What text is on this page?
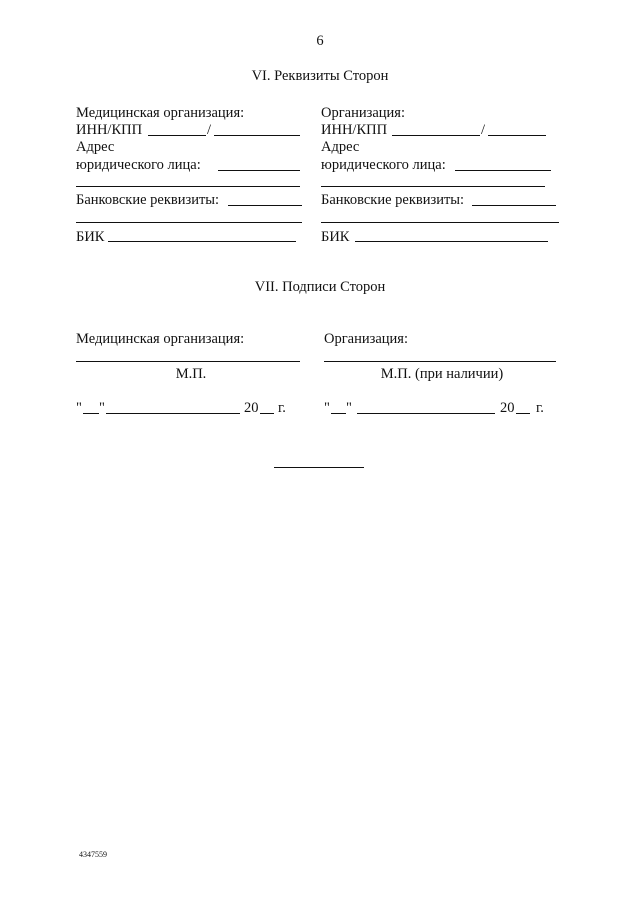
6
VI. Реквизиты Сторон
Медицинская организация:
ИНН/КПП	/
Адрес
юридического лица:
Банковские реквизиты:
БИК
Организация:
ИНН/КПП	/
Адрес
юридического лица:
Банковские реквизиты:
БИК
VII. Подписи Сторон
Медицинская организация:
М.П.
" "	20 г.
Организация:
М.П. (при наличии)
" "	20 г.
4347559
